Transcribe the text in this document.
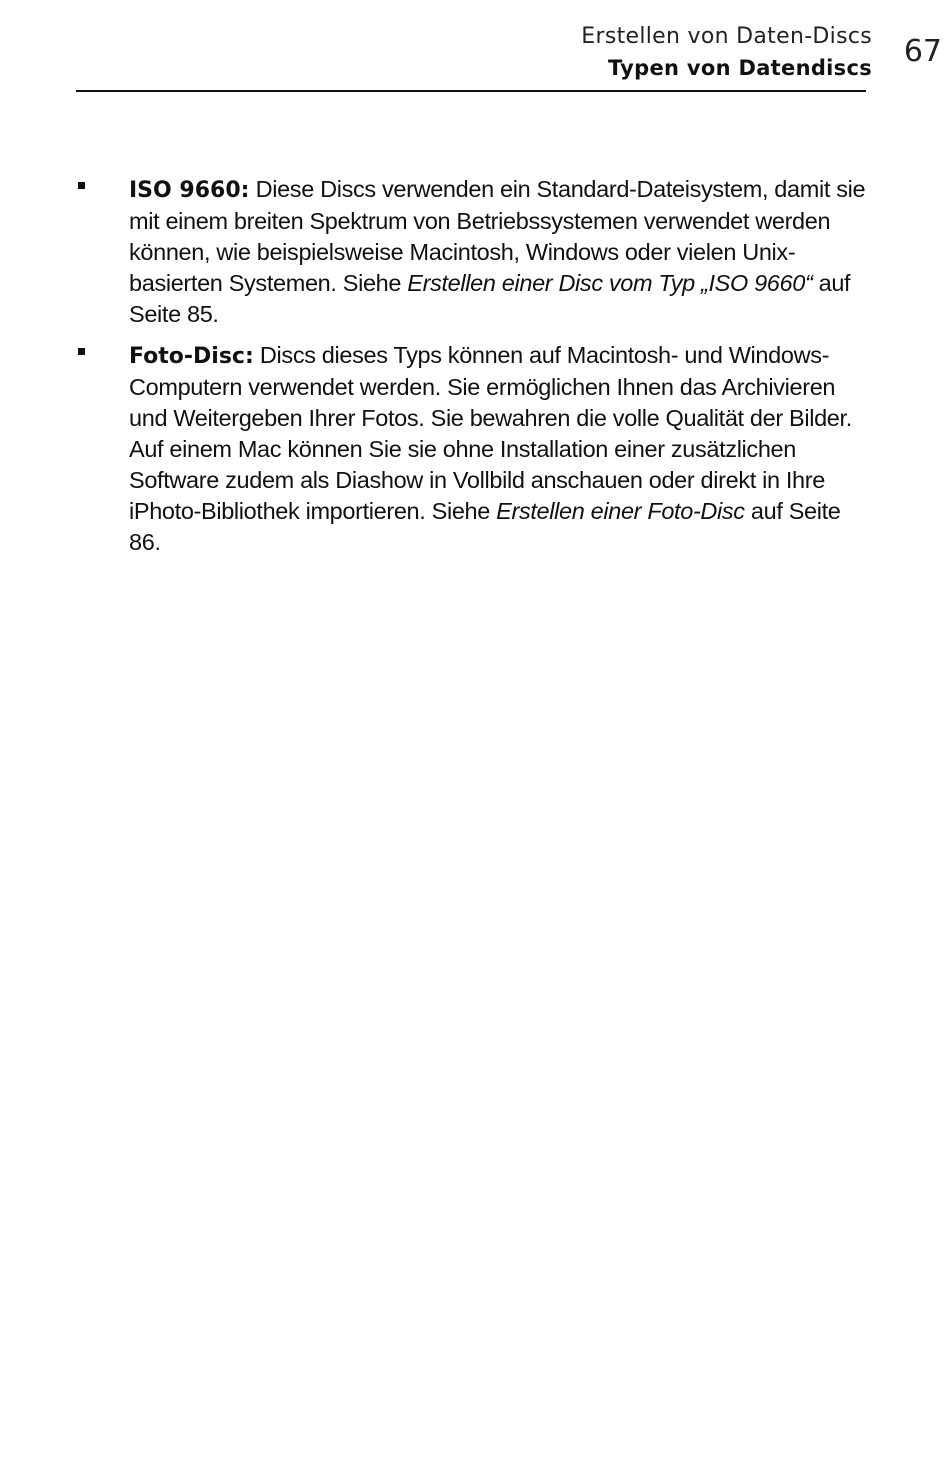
Erstellen von Daten-Discs
Typen von Datendiscs 67
ISO 9660: Diese Discs verwenden ein Standard-Dateisystem, damit sie mit einem breiten Spektrum von Betriebssystemen verwendet werden können, wie beispielsweise Macintosh, Windows oder vielen Unix-basierten Systemen. Siehe Erstellen einer Disc vom Typ „ISO 9660“ auf Seite 85.
Foto-Disc: Discs dieses Typs können auf Macintosh- und Windows-Computern verwendet werden. Sie ermöglichen Ihnen das Archivieren und Weitergeben Ihrer Fotos. Sie bewahren die volle Qualität der Bilder. Auf einem Mac können Sie sie ohne Installation einer zusätzlichen Software zudem als Diashow in Vollbild anschauen oder direkt in Ihre iPhoto-Bibliothek importieren. Siehe Erstellen einer Foto-Disc auf Seite 86.
